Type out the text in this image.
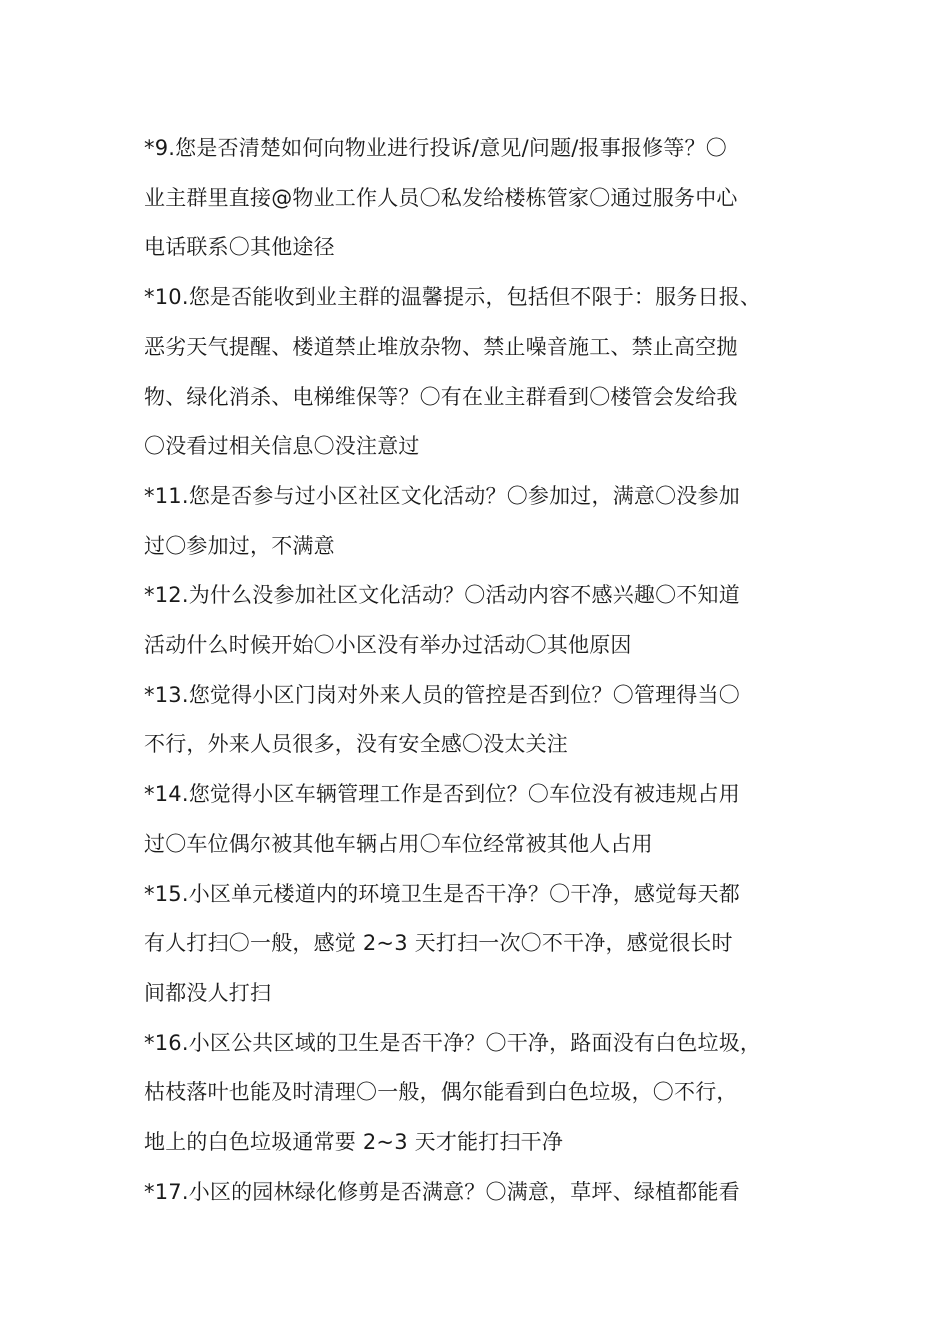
*9.您是否清楚如何向物业进行投诉/意见/问题/报事报修等？〇
业主群里直接@物业工作人员〇私发给楼栋管家〇通过服务中心
电话联系〇其他途径
*10.您是否能收到业主群的温馨提示，包括但不限于：服务日报、
恶劣天气提醒、楼道禁止堆放杂物、禁止噪音施工、禁止高空抛
物、绿化消杀、电梯维保等？〇有在业主群看到〇楼管会发给我
〇没看过相关信息〇没注意过
*11.您是否参与过小区社区文化活动？〇参加过，满意〇没参加
过〇参加过，不满意
*12.为什么没参加社区文化活动？〇活动内容不感兴趣〇不知道
活动什么时候开始〇小区没有举办过活动〇其他原因
*13.您觉得小区门岗对外来人员的管控是否到位？〇管理得当〇
不行，外来人员很多，没有安全感〇没太关注
*14.您觉得小区车辆管理工作是否到位？〇车位没有被违规占用
过〇车位偶尔被其他车辆占用〇车位经常被其他人占用
*15.小区单元楼道内的环境卫生是否干净？〇干净，感觉每天都
有人打扫〇一般，感觉 2~3 天打扫一次〇不干净，感觉很长时
间都没人打扫
*16.小区公共区域的卫生是否干净？〇干净，路面没有白色垃圾，
枯枝落叶也能及时清理〇一般，偶尔能看到白色垃圾，〇不行，
地上的白色垃圾通常要 2~3 天才能打扫干净
*17.小区的园林绿化修剪是否满意？〇满意，草坪、绿植都能看
